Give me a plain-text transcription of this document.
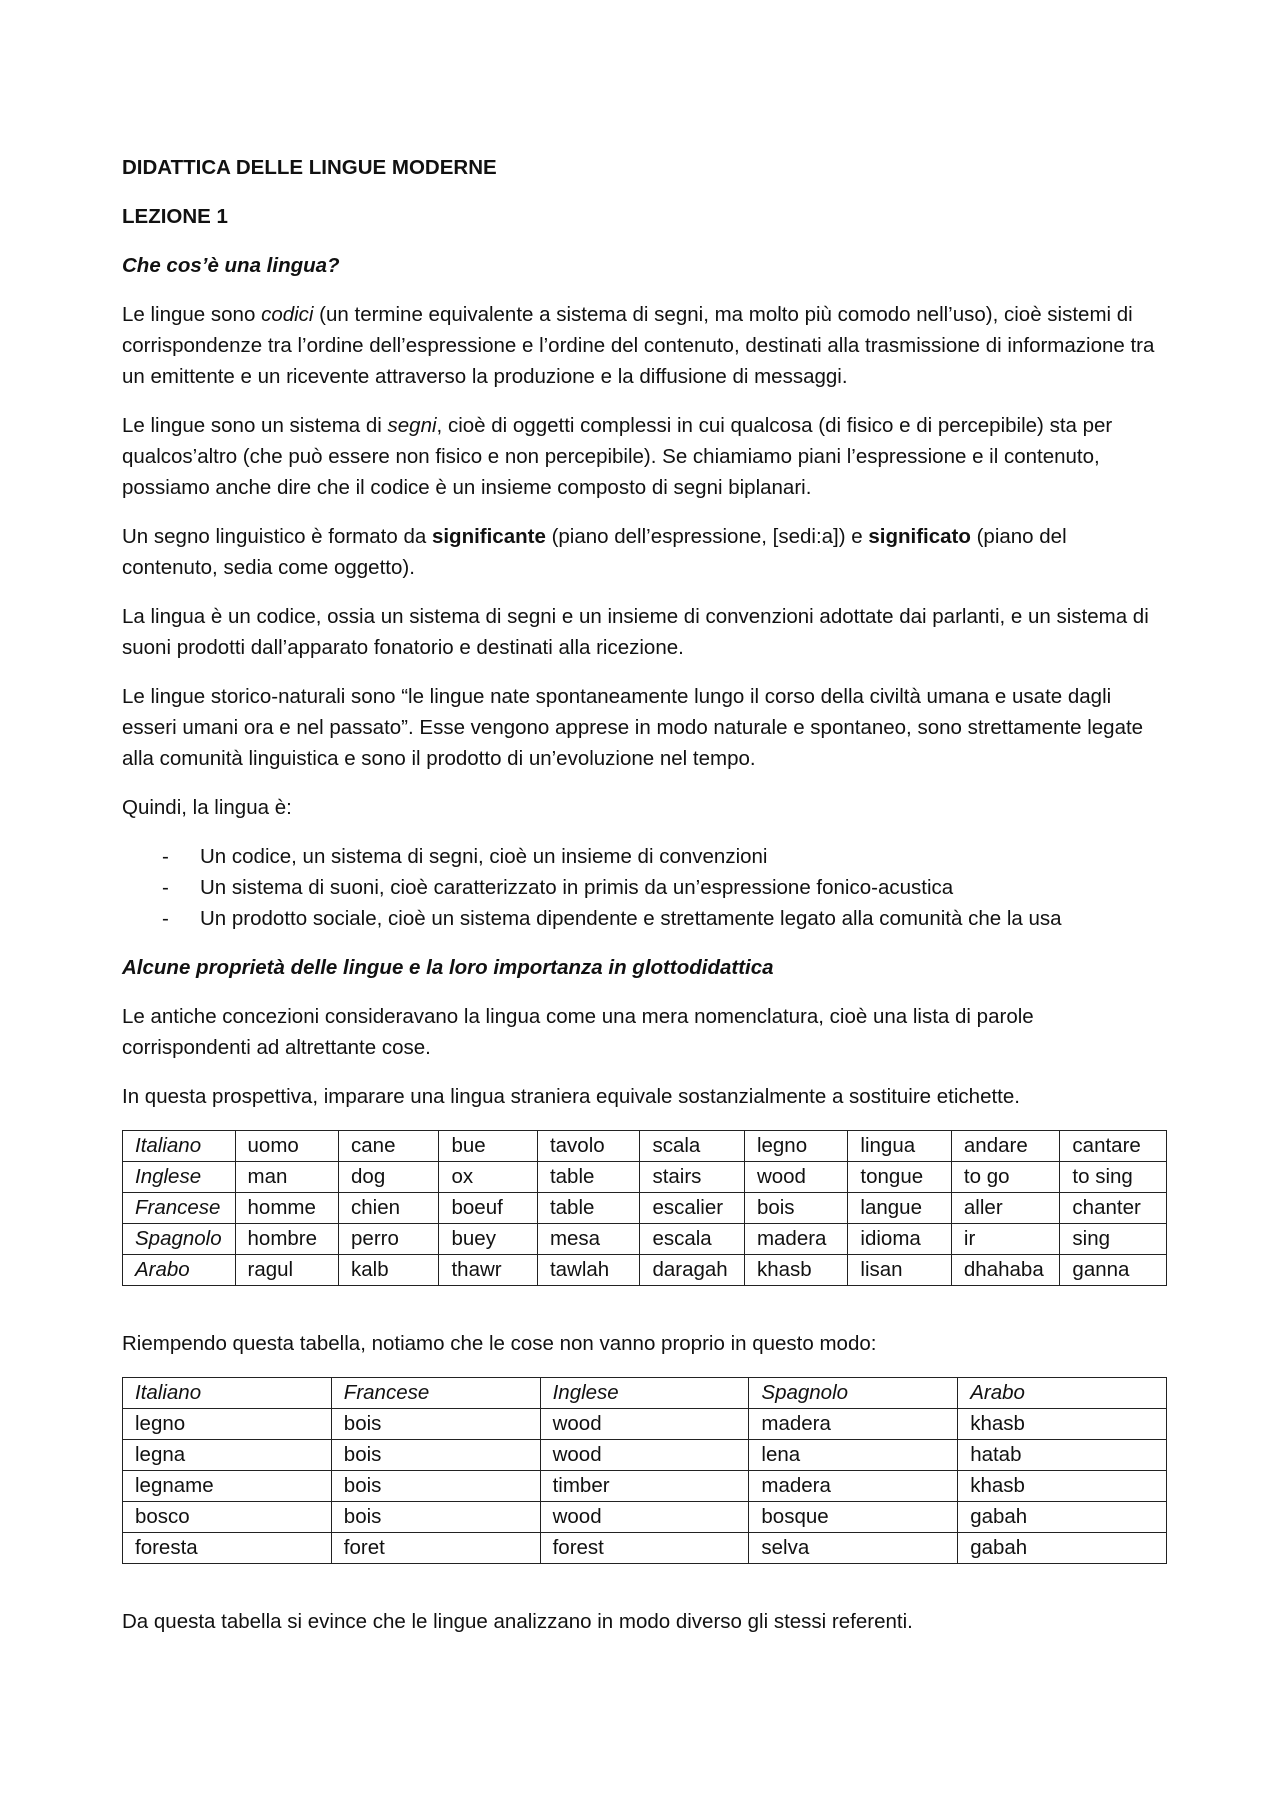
DIDATTICA DELLE LINGUE MODERNE

LEZIONE 1

Che cos’è una lingua?

Le lingue sono codici (un termine equivalente a sistema di segni, ma molto più comodo nell’uso), cioè sistemi di corrispondenze tra l’ordine dell’espressione e l’ordine del contenuto, destinati alla trasmissione di informazione tra un emittente e un ricevente attraverso la produzione e la diffusione di messaggi.

Le lingue sono un sistema di segni, cioè di oggetti complessi in cui qualcosa (di fisico e di percepibile) sta per qualcos’altro (che può essere non fisico e non percepibile). Se chiamiamo piani l’espressione e il contenuto, possiamo anche dire che il codice è un insieme composto di segni biplanari.

Un segno linguistico è formato da significante (piano dell’espressione, [sedi:a]) e significato (piano del contenuto, sedia come oggetto).

La lingua è un codice, ossia un sistema di segni e un insieme di convenzioni adottate dai parlanti, e un sistema di suoni prodotti dall’apparato fonatorio e destinati alla ricezione.

Le lingue storico-naturali sono “le lingue nate spontaneamente lungo il corso della civiltà umana e usate dagli esseri umani ora e nel passato”. Esse vengono apprese in modo naturale e spontaneo, sono strettamente legate alla comunità linguistica e sono il prodotto di un’evoluzione nel tempo.

Quindi, la lingua è:

- Un codice, un sistema di segni, cioè un insieme di convenzioni
- Un sistema di suoni, cioè caratterizzato in primis da un’espressione fonico-acustica
- Un prodotto sociale, cioè un sistema dipendente e strettamente legato alla comunità che la usa

Alcune proprietà delle lingue e la loro importanza in glottodidattica

Le antiche concezioni consideravano la lingua come una mera nomenclatura, cioè una lista di parole corrispondenti ad altrettante cose.

In questa prospettiva, imparare una lingua straniera equivale sostanzialmente a sostituire etichette.

Italiano	uomo	cane	bue	tavolo	scala	legno	lingua	andare	cantare
Inglese	man	dog	ox	table	stairs	wood	tongue	to go	to sing
Francese	homme	chien	boeuf	table	escalier	bois	langue	aller	chanter
Spagnolo	hombre	perro	buey	mesa	escala	madera	idioma	ir	sing
Arabo	ragul	kalb	thawr	tawlah	daragah	khasb	lisan	dhahaba	ganna

Riempendo questa tabella, notiamo che le cose non vanno proprio in questo modo:

Italiano	Francese	Inglese	Spagnolo	Arabo
legno	bois	wood	madera	khasb
legna	bois	wood	lena	hatab
legname	bois	timber	madera	khasb
bosco	bois	wood	bosque	gabah
foresta	foret	forest	selva	gabah

Da questa tabella si evince che le lingue analizzano in modo diverso gli stessi referenti.
